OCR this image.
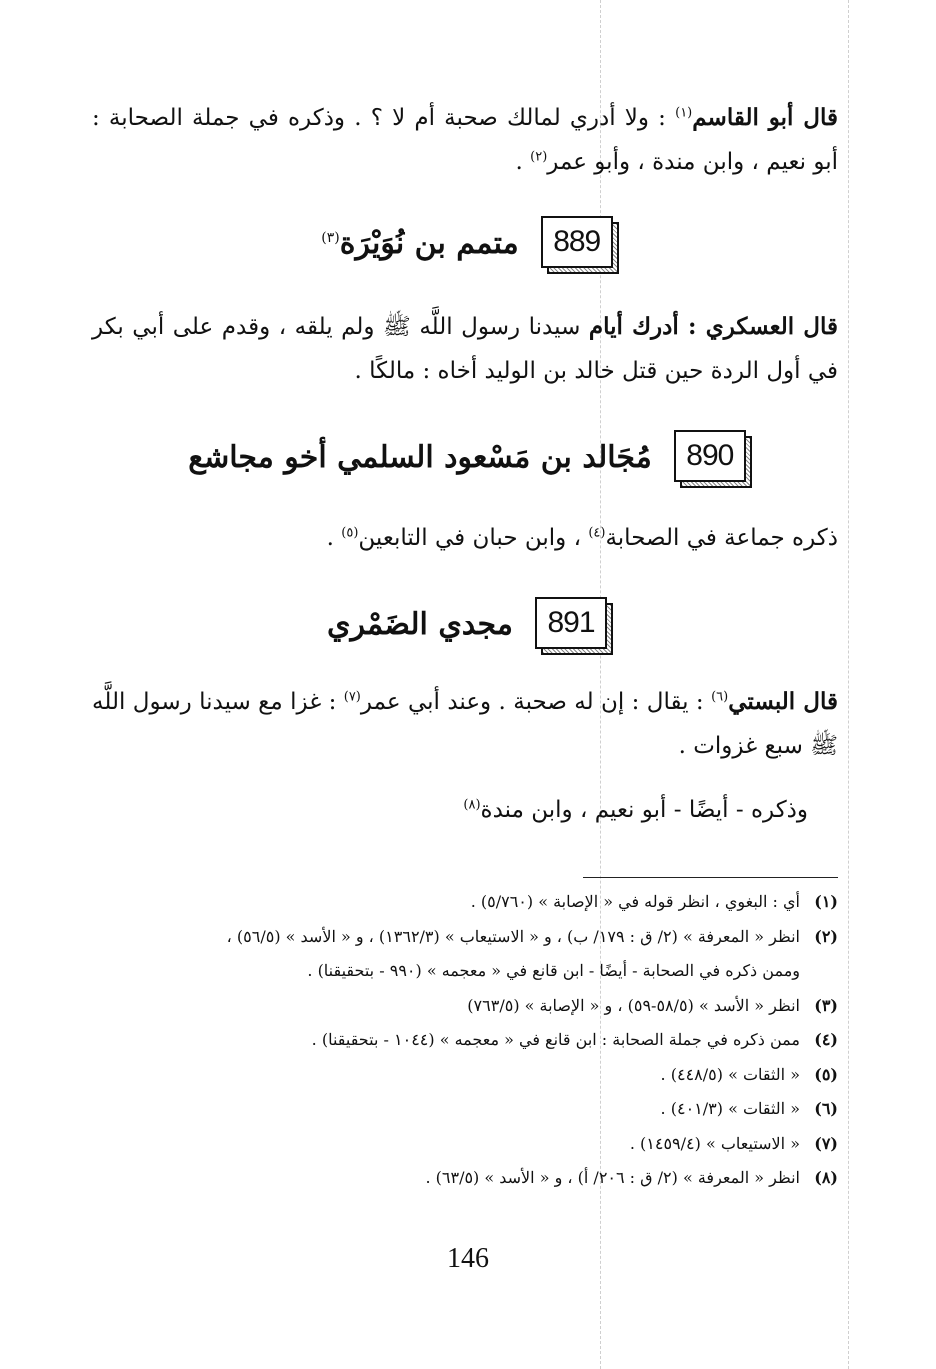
قال أبو القاسم$^{(١)}$ : ولا أدري لمالك صحبة أم لا ؟ . وذكره في جملة الصحابة : أبو نعيم ، وابن مندة ، وأبو عمر$^{(٢)}$ .
889
متمم بن نُوَيْرَة$^{(٣)}$
قال العسكري : أدرك أيام سيدنا رسول اللَّه ﷺ ولم يلقه ، وقدم على أبي بكر في أول الردة حين قتل خالد بن الوليد أخاه : مالكًا .
890
مُجَالد بن مَسْعود السلمي أخو مجاشع
ذكره جماعة في الصحابة$^{(٤)}$ ، وابن حبان في التابعين$^{(٥)}$ .
891
مجدي الضَمْري
قال البستي$^{(٦)}$ : يقال : إن له صحبة . وعند أبي عمر$^{(٧)}$ : غزا مع سيدنا رسول اللَّه ﷺ سبع غزوات .
وذكره - أيضًا - أبو نعيم ، وابن مندة$^{(٨)}$
(١)
أي : البغوي ، انظر قوله في « الإصابة » (٥/٧٦٠) .
(٢)
انظر « المعرفة » (٢/ ق : ١٧٩/ ب) ، و « الاستيعاب » (١٣٦٢/٣) ، و « الأسد » (٥٦/٥) ،
وممن ذكره في الصحابة - أيضًا - ابن قانع في « معجمه » (٩٩٠ - بتحقيقنا) .
(٣)
انظر « الأسد » (٥٨/٥-٥٩) ، و « الإصابة » (٧٦٣/٥)
(٤)
ممن ذكره في جملة الصحابة : ابن قانع في « معجمه » (١٠٤٤ - بتحقيقنا) .
(٥)
« الثقات » (٤٤٨/٥) .
(٦)
« الثقات » (٤٠١/٣) .
(٧)
« الاستيعاب » (١٤٥٩/٤) .
(٨)
انظر « المعرفة » (٢/ ق : ٢٠٦/ أ) ، و « الأسد » (٦٣/٥) .
146
